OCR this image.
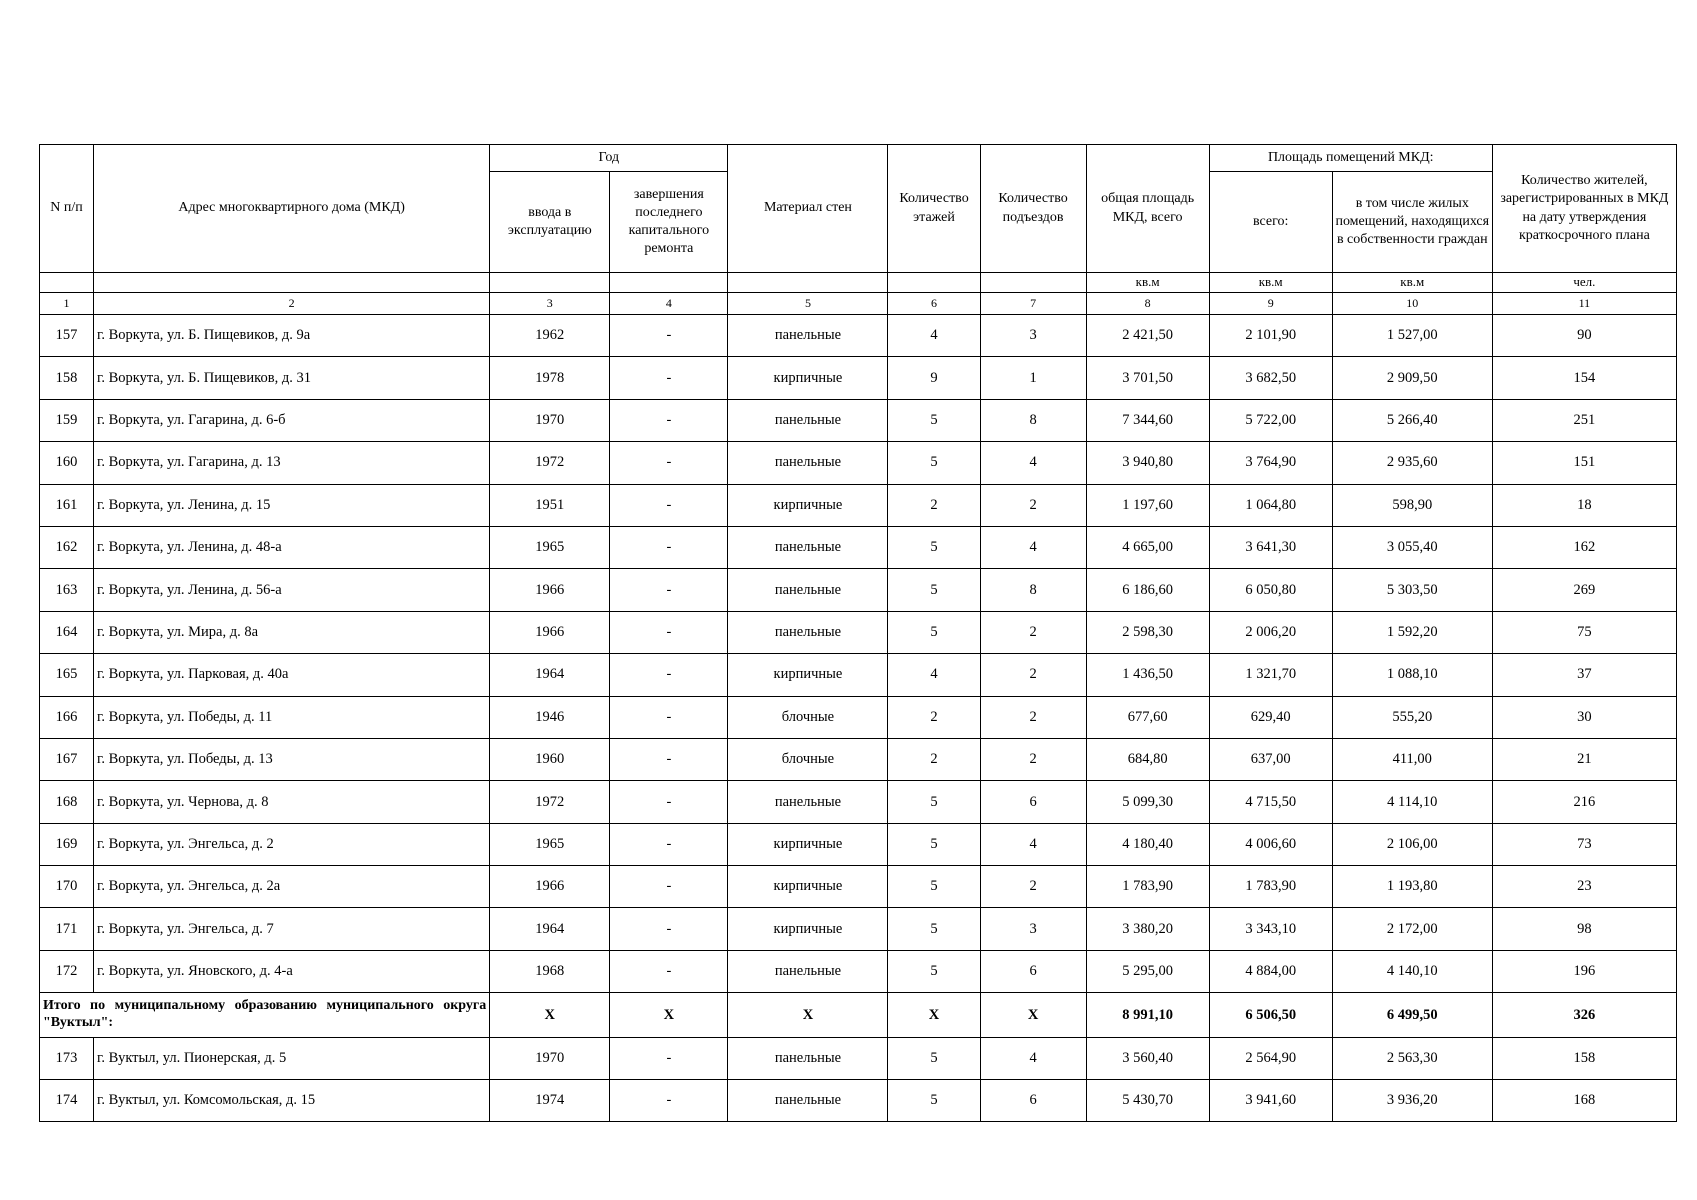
N п/п	Адрес многоквартирного дома (МКД)	Год		Материал стен	Количество этажей	Количество подъездов	общая площадь МКД, всего	Площадь помещений МКД:		Количество жителей, зарегистрированных в МКД на дату утверждения краткосрочного плана
		ввода в эксплуатацию	завершения последнего капитального ремонта					всего:	в том числе жилых помещений, находящихся в собственности граждан	
							кв.м	кв.м	кв.м	чел.
1	2	3	4	5	6	7	8	9	10	11
157	г. Воркута, ул. Б. Пищевиков, д. 9а	1962	-	панельные	4	3	2 421,50	2 101,90	1 527,00	90
158	г. Воркута, ул. Б. Пищевиков, д. 31	1978	-	кирпичные	9	1	3 701,50	3 682,50	2 909,50	154
159	г. Воркута, ул. Гагарина, д. 6-б	1970	-	панельные	5	8	7 344,60	5 722,00	5 266,40	251
160	г. Воркута, ул. Гагарина, д. 13	1972	-	панельные	5	4	3 940,80	3 764,90	2 935,60	151
161	г. Воркута, ул. Ленина, д. 15	1951	-	кирпичные	2	2	1 197,60	1 064,80	598,90	18
162	г. Воркута, ул. Ленина, д. 48-а	1965	-	панельные	5	4	4 665,00	3 641,30	3 055,40	162
163	г. Воркута, ул. Ленина, д. 56-а	1966	-	панельные	5	8	6 186,60	6 050,80	5 303,50	269
164	г. Воркута, ул. Мира, д. 8а	1966	-	панельные	5	2	2 598,30	2 006,20	1 592,20	75
165	г. Воркута, ул. Парковая, д. 40а	1964	-	кирпичные	4	2	1 436,50	1 321,70	1 088,10	37
166	г. Воркута, ул. Победы, д. 11	1946	-	блочные	2	2	677,60	629,40	555,20	30
167	г. Воркута, ул. Победы, д. 13	1960	-	блочные	2	2	684,80	637,00	411,00	21
168	г. Воркута, ул. Чернова, д. 8	1972	-	панельные	5	6	5 099,30	4 715,50	4 114,10	216
169	г. Воркута, ул. Энгельса, д. 2	1965	-	кирпичные	5	4	4 180,40	4 006,60	2 106,00	73
170	г. Воркута, ул. Энгельса, д. 2а	1966	-	кирпичные	5	2	1 783,90	1 783,90	1 193,80	23
171	г. Воркута, ул. Энгельса, д. 7	1964	-	кирпичные	5	3	3 380,20	3 343,10	2 172,00	98
172	г. Воркута, ул. Яновского, д. 4-а	1968	-	панельные	5	6	5 295,00	4 884,00	4 140,10	196
Итого по муниципальному образованию муниципального округа "Вуктыл":		X	X	X	X	X	8 991,10	6 506,50	6 499,50	326
173	г. Вуктыл, ул. Пионерская, д. 5	1970	-	панельные	5	4	3 560,40	2 564,90	2 563,30	158
174	г. Вуктыл, ул. Комсомольская, д. 15	1974	-	панельные	5	6	5 430,70	3 941,60	3 936,20	168
